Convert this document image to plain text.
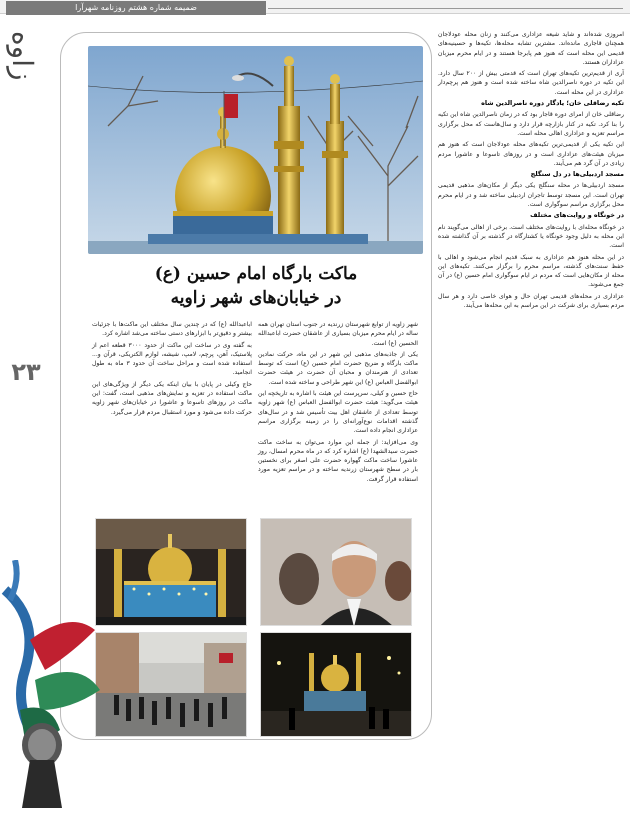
ضمیمه شماره هشتم روزنامه شهرآرا
زاوه
۲۳
ماکت بارگاه امام حسین (ع)
در خیابان‌های شهر زاویه

شهر زاویه از توابع شهرستان زرندیه در جنوب استان تهران همه ساله در ایام محرم میزبان بسیاری از عاشقان حضرت اباعبدالله الحسین (ع) است.

یکی از جاذبه‌های مذهبی این شهر در این ماه، حرکت نمادین ماکت بارگاه و ضریح حضرت امام حسین (ع) است که توسط تعدادی از هنرمندان و محبان آن حضرت در هیئت حضرت ابوالفضل العباس (ع) این شهر طراحی و ساخته شده است.

حاج حسین و کیلی، سرپرست این هیئت با اشاره به تاریخچه این هیئت می‌گوید: هیئت حضرت ابوالفضل العباس (ع) شهر زاویه توسط تعدادی از عاشقان اهل بیت تأسیس شد و در سال‌های گذشته اقدامات نوع‌آورانه‌ای را در زمینه برگزاری مراسم عزاداری انجام داده است.

وی می‌افزاید: از جمله این موارد می‌توان به ساخت ماکت حضرت سیدالشهدا (ع) اشاره کرد که در ماه محرم امسال، روز عاشورا ساخت ماکت گهواره حضرت علی اصغر برای نخستین بار در سطح شهرستان زرندیه ساخته و در مراسم تعزیه مورد استفاده قرار گرفت.

اباعبدالله (ع) که در چندین سال مختلف این ماکت‌ها با جزئیات بیشتر و دقیق‌تر با ابزارهای دستی ساخته می‌شد اشاره کرد.

به گفته وی در ساخت این ماکت از حدود ۳۰۰۰ قطعه اعم از پلاستیک، آهن، پرچم، لامپ، شیشه، لوازم الکتریکی، قرآن و... استفاده شده است و مراحل ساخت آن حدود ۳ ماه به طول انجامید.

حاج وکیلی در پایان با بیان اینکه یکی دیگر از ویژگی‌های این ماکت استفاده در تعزیه و نمایش‌های مذهبی است، گفت: این ماکت در روزهای تاسوعا و عاشورا در خیابان‌های شهر زاویه حرکت داده می‌شود و مورد استقبال مردم قرار می‌گیرد.

امروزی شده‌اند و شاید شیعه عزاداری می‌کنند و زنان محله عودلاجان همچنان قاجاری مانده‌اند. مشترین تشابه محله‌ها، تکیه‌ها و حسینیه‌های قدیمی این محله است که هنوز هم پابرجا هستند و در ایام محرم میزبان عزاداران هستند.

آری از قدیم‌ترین تکیه‌های تهران است که قدمتی بیش از ۲۰۰ سال دارد. این تکیه در دوره ناصرالدین شاه ساخته شده است و هنوز هم پرچم‌دار عزاداری در این محله است.

تکیه رضاقلی خان؛ یادگار دوره ناصرالدین شاه

رضاقلی خان از امرای دوره قاجار بود که در زمان ناصرالدین شاه این تکیه را بنا کرد. تکیه در کنار بازارچه قرار دارد و سال‌هاست که محل برگزاری مراسم تعزیه و عزاداری اهالی محله است.

این تکیه یکی از قدیمی‌ترین تکیه‌های محله عودلاجان است که هنوز هم میزبان هیئت‌های عزاداری است و در روزهای تاسوعا و عاشورا مردم زیادی در آن گرد هم می‌آیند.

مسجد اردبیلی‌ها در دل سنگلج

مسجد اردبیلی‌ها در محله سنگلج یکی دیگر از مکان‌های مذهبی قدیمی تهران است. این مسجد توسط تاجران اردبیلی ساخته شد و در ایام محرم محل برگزاری مراسم سوگواری است.

در خونگاه و روایت‌های مختلف

در خونگاه محله‌ای با روایت‌های مختلف است. برخی از اهالی می‌گویند نام این محله به دلیل وجود خونگاه یا کشتارگاه در گذشته بر آن گذاشته شده است.

در این محله هنوز هم عزاداری به سبک قدیم انجام می‌شود و اهالی با حفظ سنت‌های گذشته، مراسم محرم را برگزار می‌کنند. تکیه‌های این محله از مکان‌هایی است که مردم در ایام سوگواری امام حسین (ع) در آن جمع می‌شوند.

عزاداری در محله‌های قدیمی تهران حال و هوای خاصی دارد و هر سال مردم بسیاری برای شرکت در این مراسم به این محله‌ها می‌آیند.
